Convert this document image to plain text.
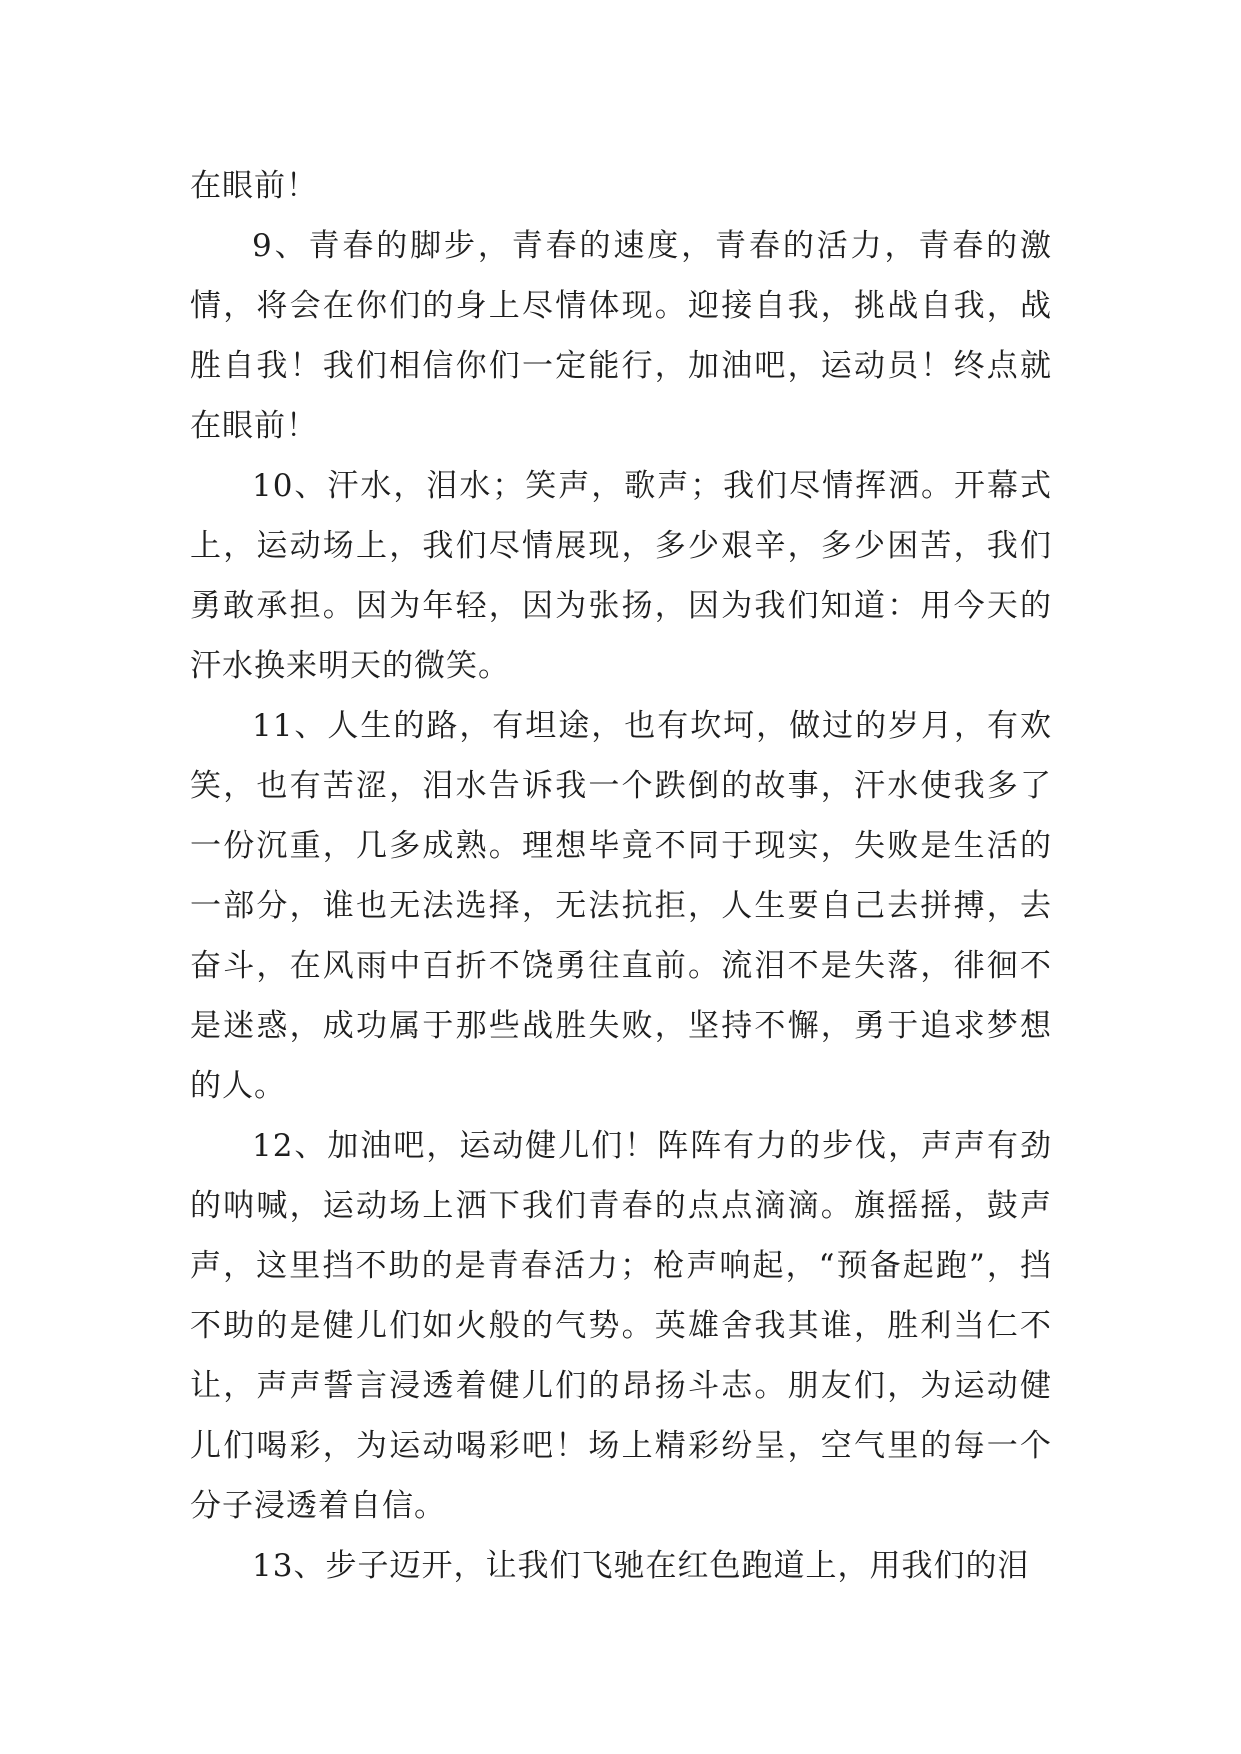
在眼前！

9、青春的脚步，青春的速度，青春的活力，青春的激情，将会在你们的身上尽情体现。迎接自我，挑战自我，战胜自我！我们相信你们一定能行，加油吧，运动员！终点就在眼前！

10、汗水，泪水；笑声，歌声；我们尽情挥洒。开幕式上，运动场上，我们尽情展现，多少艰辛，多少困苦，我们勇敢承担。因为年轻，因为张扬，因为我们知道：用今天的汗水换来明天的微笑。

11、人生的路，有坦途，也有坎坷，做过的岁月，有欢笑，也有苦涩，泪水告诉我一个跌倒的故事，汗水使我多了一份沉重，几多成熟。理想毕竟不同于现实，失败是生活的一部分，谁也无法选择，无法抗拒，人生要自己去拼搏，去奋斗，在风雨中百折不饶勇往直前。流泪不是失落，徘徊不是迷惑，成功属于那些战胜失败，坚持不懈，勇于追求梦想的人。

12、加油吧，运动健儿们！阵阵有力的步伐，声声有劲的呐喊，运动场上洒下我们青春的点点滴滴。旗摇摇，鼓声声，这里挡不助的是青春活力；枪声响起，“预备起跑”，挡不助的是健儿们如火般的气势。英雄舍我其谁，胜利当仁不让，声声誓言浸透着健儿们的昂扬斗志。朋友们，为运动健儿们喝彩，为运动喝彩吧！场上精彩纷呈，空气里的每一个分子浸透着自信。

13、步子迈开，让我们飞驰在红色跑道上，用我们的泪
